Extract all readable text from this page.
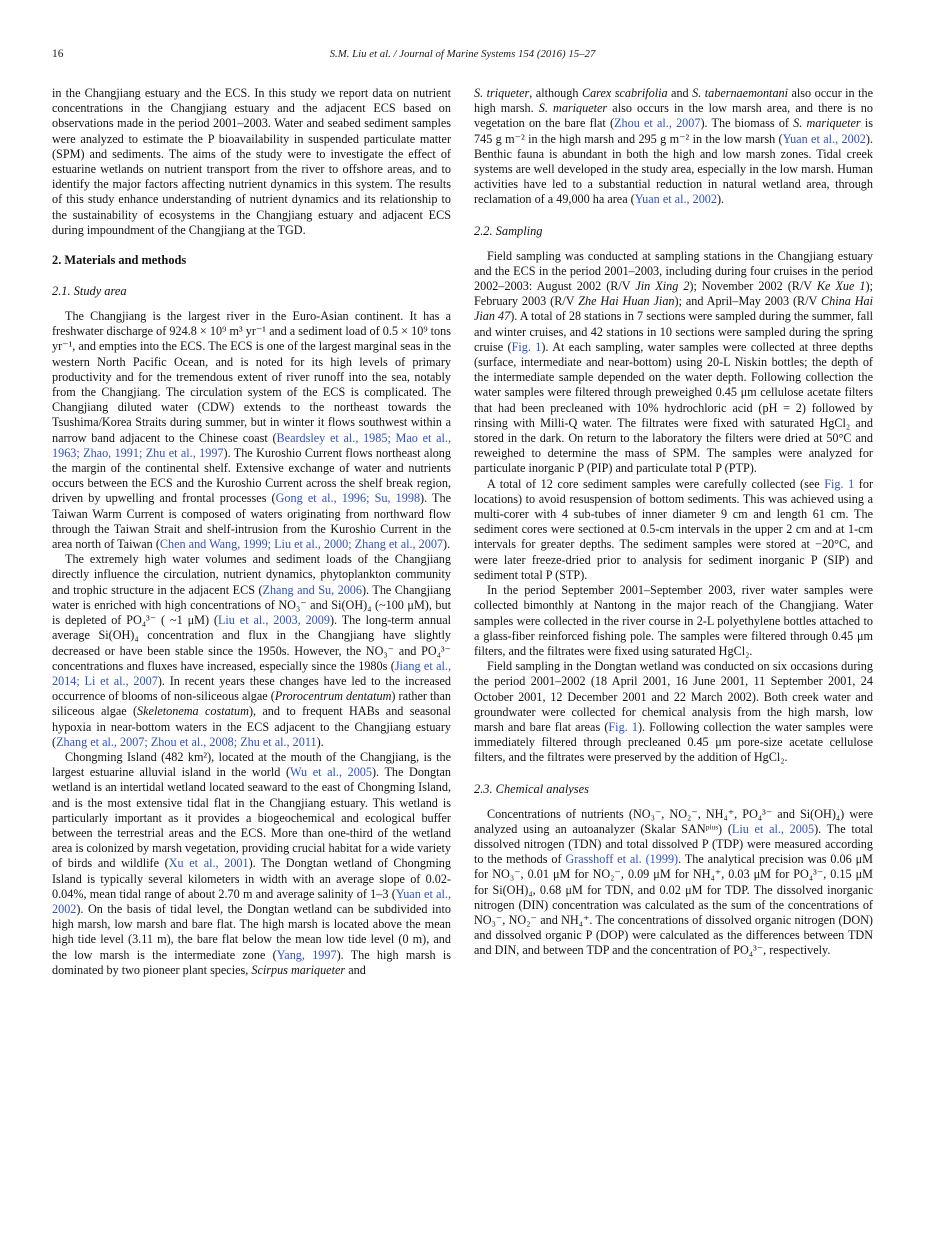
16	S.M. Liu et al. / Journal of Marine Systems 154 (2016) 15–27

in the Changjiang estuary and the ECS. In this study we report data on nutrient concentrations in the Changjiang estuary and the adjacent ECS based on observations made in the period 2001–2003. Water and seabed sediment samples were analyzed to estimate the P bioavailability in suspended particulate matter (SPM) and sediments. The aims of the study were to investigate the effect of estuarine wetlands on nutrient transport from the river to offshore areas, and to identify the major factors affecting nutrient dynamics in this system. The results of this study enhance understanding of nutrient dynamics and its relationship to the sustainability of ecosystems in the Changjiang estuary and adjacent ECS during impoundment of the Changjiang at the TGD.

2. Materials and methods
2.1. Study area

The Changjiang is the largest river in the Euro-Asian continent. It has a freshwater discharge of 924.8 × 10⁹ m³ yr⁻¹ and a sediment load of 0.5 × 10⁹ tons yr⁻¹, and empties into the ECS. The ECS is one of the largest marginal seas in the western North Pacific Ocean, and is noted for its high levels of primary productivity and for the tremendous extent of river runoff into the sea, notably from the Changjiang. The circulation system of the ECS is complicated. The Changjiang diluted water (CDW) extends to the northeast towards the Tsushima/Korea Straits during summer, but in winter it flows southwest within a narrow band adjacent to the Chinese coast (Beardsley et al., 1985; Mao et al., 1963; Zhao, 1991; Zhu et al., 1997). The Kuroshio Current flows northeast along the margin of the continental shelf. Extensive exchange of water and nutrients occurs between the ECS and the Kuroshio Current across the shelf break region, driven by upwelling and frontal processes (Gong et al., 1996; Su, 1998). The Taiwan Warm Current is composed of waters originating from northward flow through the Taiwan Strait and shelf-intrusion from the Kuroshio Current in the area north of Taiwan (Chen and Wang, 1999; Liu et al., 2000; Zhang et al., 2007).

The extremely high water volumes and sediment loads of the Changjiang directly influence the circulation, nutrient dynamics, phytoplankton community and trophic structure in the adjacent ECS (Zhang and Su, 2006). The Changjiang water is enriched with high concentrations of NO₃⁻ and Si(OH)₄ (~100 μM), but is depleted of PO₄³⁻ ( ~1 μM) (Liu et al., 2003, 2009). The long-term annual average Si(OH)₄ concentration and flux in the Changjiang have slightly decreased or have been stable since the 1950s. However, the NO₃⁻ and PO₄³⁻ concentrations and fluxes have increased, especially since the 1980s (Jiang et al., 2014; Li et al., 2007). In recent years these changes have led to the increased occurrence of blooms of non-siliceous algae (Prorocentrum dentatum) rather than siliceous algae (Skeletonema costatum), and to frequent HABs and seasonal hypoxia in near-bottom waters in the ECS adjacent to the Changjiang estuary (Zhang et al., 2007; Zhou et al., 2008; Zhu et al., 2011).

Chongming Island (482 km²), located at the mouth of the Changjiang, is the largest estuarine alluvial island in the world (Wu et al., 2005). The Dongtan wetland is an intertidal wetland located seaward to the east of Chongming Island, and is the most extensive tidal flat in the Changjiang estuary. This wetland is particularly important as it provides a biogeochemical and ecological buffer between the terrestrial areas and the ECS. More than one-third of the wetland area is colonized by marsh vegetation, providing crucial habitat for a wide variety of birds and wildlife (Xu et al., 2001). The Dongtan wetland of Chongming Island is typically several kilometers in width with an average slope of 0.02-0.04%, mean tidal range of about 2.70 m and average salinity of 1–3 (Yuan et al., 2002). On the basis of tidal level, the Dongtan wetland can be subdivided into high marsh, low marsh and bare flat. The high marsh is located above the mean high tide level (3.11 m), the bare flat below the mean low tide level (0 m), and the low marsh is the intermediate zone (Yang, 1997). The high marsh is dominated by two pioneer plant species, Scirpus mariqueter and

S. triqueter, although Carex scabrifolia and S. tabernaemontani also occur in the high marsh. S. mariqueter also occurs in the low marsh area, and there is no vegetation on the bare flat (Zhou et al., 2007). The biomass of S. mariqueter is 745 g m⁻² in the high marsh and 295 g m⁻² in the low marsh (Yuan et al., 2002). Benthic fauna is abundant in both the high and low marsh zones. Tidal creek systems are well developed in the study area, especially in the low marsh. Human activities have led to a substantial reduction in natural wetland area, through reclamation of a 49,000 ha area (Yuan et al., 2002).

2.2. Sampling

Field sampling was conducted at sampling stations in the Changjiang estuary and the ECS in the period 2001–2003, including during four cruises in the period 2002–2003: August 2002 (R/V Jin Xing 2); November 2002 (R/V Ke Xue 1); February 2003 (R/V Zhe Hai Huan Jian); and April–May 2003 (R/V China Hai Jian 47). A total of 28 stations in 7 sections were sampled during the summer, fall and winter cruises, and 42 stations in 10 sections were sampled during the spring cruise (Fig. 1). At each sampling, water samples were collected at three depths (surface, intermediate and near-bottom) using 20-L Niskin bottles; the depth of the intermediate sample depended on the water depth. Following collection the water samples were filtered through preweighed 0.45 μm cellulose acetate filters that had been precleaned with 10% hydrochloric acid (pH = 2) followed by rinsing with Milli-Q water. The filtrates were fixed with saturated HgCl₂ and stored in the dark. On return to the laboratory the filters were dried at 50°C and reweighed to determine the mass of SPM. The samples were analyzed for particulate inorganic P (PIP) and particulate total P (PTP).

A total of 12 core sediment samples were carefully collected (see Fig. 1 for locations) to avoid resuspension of bottom sediments. This was achieved using a multi-corer with 4 sub-tubes of inner diameter 9 cm and length 61 cm. The sediment cores were sectioned at 0.5-cm intervals in the upper 2 cm and at 1-cm intervals for greater depths. The sediment samples were stored at −20°C, and were later freeze-dried prior to analysis for sediment inorganic P (SIP) and sediment total P (STP).

In the period September 2001–September 2003, river water samples were collected bimonthly at Nantong in the major reach of the Changjiang. Water samples were collected in the river course in 2-L polyethylene bottles attached to a glass-fiber reinforced fishing pole. The samples were filtered through 0.45 μm filters, and the filtrates were fixed using saturated HgCl₂.

Field sampling in the Dongtan wetland was conducted on six occasions during the period 2001–2002 (18 April 2001, 16 June 2001, 11 September 2001, 24 October 2001, 12 December 2001 and 22 March 2002). Both creek water and groundwater were collected for chemical analysis from the high marsh, low marsh and bare flat areas (Fig. 1). Following collection the water samples were immediately filtered through precleaned 0.45 μm pore-size acetate cellulose filters, and the filtrates were preserved by the addition of HgCl₂.

2.3. Chemical analyses

Concentrations of nutrients (NO₃⁻, NO₂⁻, NH₄⁺, PO₄³⁻ and Si(OH)₄) were analyzed using an autoanalyzer (Skalar SANᵖˡᵘˢ) (Liu et al., 2005). The total dissolved nitrogen (TDN) and total dissolved P (TDP) were measured according to the methods of Grasshoff et al. (1999). The analytical precision was 0.06 μM for NO₃⁻, 0.01 μM for NO₂⁻, 0.09 μM for NH₄⁺, 0.03 μM for PO₄³⁻, 0.15 μM for Si(OH)₄, 0.68 μM for TDN, and 0.02 μM for TDP. The dissolved inorganic nitrogen (DIN) concentration was calculated as the sum of the concentrations of NO₃⁻, NO₂⁻ and NH₄⁺. The concentrations of dissolved organic nitrogen (DON) and dissolved organic P (DOP) were calculated as the differences between TDN and DIN, and between TDP and the concentration of PO₄³⁻, respectively.
